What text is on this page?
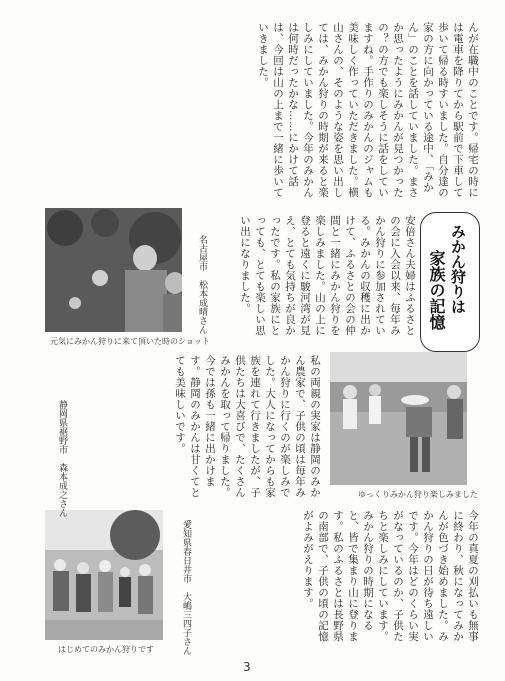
んが在職中のことです。帰宅の時には電車を降りてから駅前で下車して歩いて帰る時すいました。自分達の家の方に向かっている途中、「みかん」のことを話していました。まさか思ったようにみかんが見つかったの？の方でも楽しそうに話をしていますね。手作りのみかんのジャムも美味しく作っていただきました。横山さんの、そのような姿を思い出しては、みかん狩りの時期が来ると楽しみにしていました。今年のみかんは何時だったかな……にかけて話は、今回は山の上まで一緒に歩いていきました。
元気にみかん狩りに来て頂いた時のショット
安倍さん夫婦はふるさとの会に入会以来、毎年みかん狩りに参加されている。みかんの収穫に出かけて、ふるさとの会の仲間と一緒にみかん狩りを楽しみました。山の上に登ると遠くに駿河湾が見え、とても気持ちが良かったです。私の家族にとっても、とても楽しい思い出になりました。	みかん狩りは
家族の記憶
私の両親の実家は静岡のみかん農家で、子供の頃は毎年みかん狩りに行くのが楽しみでした。大人になってからも家族を連れて行きましたが、子供たちは大喜びで、たくさんみかんを取って帰りました。今では孫も一緒に出かけます。静岡のみかんは甘くてとても美味しいです。
ゆっくりみかん狩り楽しみました
はじめてのみかん狩りです
今年の真夏の刈払いも無事に終わり、秋になってみかんが色づき始めました。みかん狩りの日が待ち遠しいです。今年はどのくらい実がなっているのか、子供たちと楽しみにしています。みかん狩りの時期になると、皆で集まり山に登ります。私のふるさとは長野県の南部で、子供の頃の記憶がよみがえります。
名古屋市　松本成晴さん
静岡県裾野市　森本成之さん
愛知県春日井市　大嶋三四子さん
3
